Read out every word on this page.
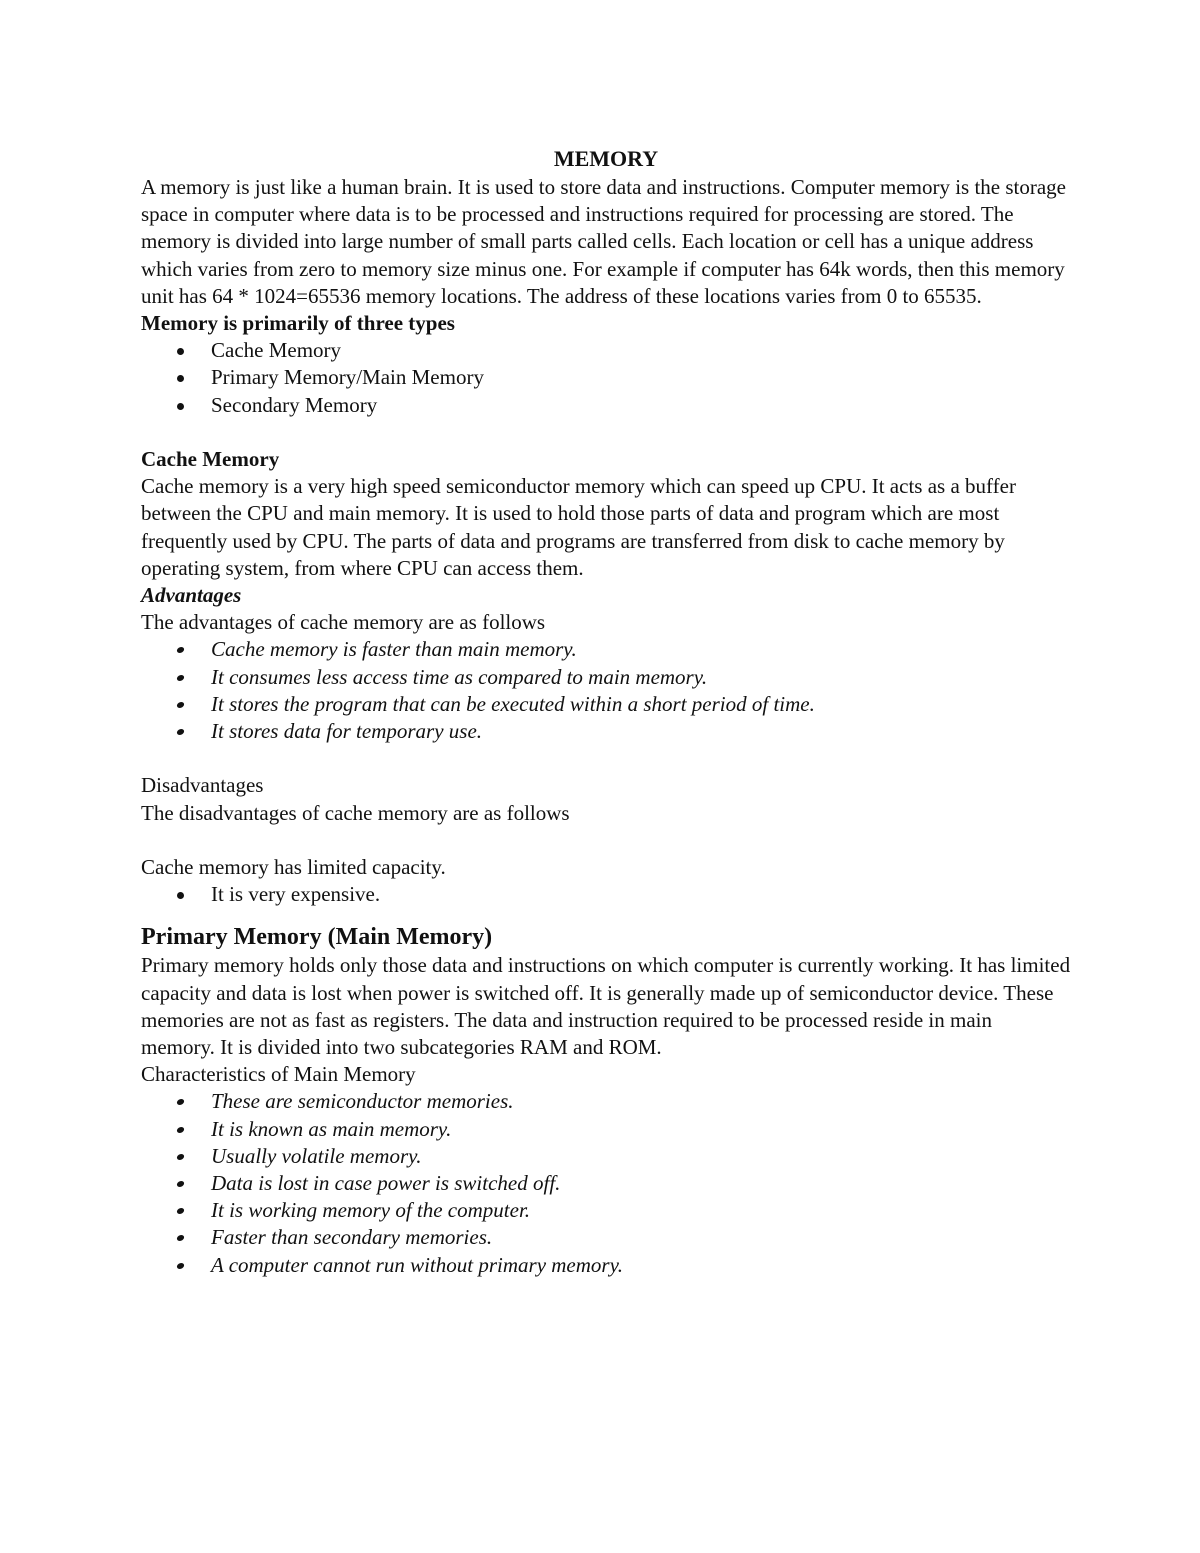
MEMORY

A memory is just like a human brain. It is used to store data and instructions. Computer memory is the storage space in computer where data is to be processed and instructions required for processing are stored. The memory is divided into large number of small parts called cells. Each location or cell has a unique address which varies from zero to memory size minus one. For example if computer has 64k words, then this memory unit has 64 * 1024=65536 memory locations. The address of these locations varies from 0 to 65535.

Memory is primarily of three types

Cache Memory
Primary Memory/Main Memory
Secondary Memory

Cache Memory

Cache memory is a very high speed semiconductor memory which can speed up CPU. It acts as a buffer between the CPU and main memory. It is used to hold those parts of data and program which are most frequently used by CPU. The parts of data and programs are transferred from disk to cache memory by operating system, from where CPU can access them.

Advantages

The advantages of cache memory are as follows

Cache memory is faster than main memory.
It consumes less access time as compared to main memory.
It stores the program that can be executed within a short period of time.
It stores data for temporary use.

Disadvantages

The disadvantages of cache memory are as follows

Cache memory has limited capacity.

It is very expensive.

Primary Memory (Main Memory)

Primary memory holds only those data and instructions on which computer is currently working. It has limited capacity and data is lost when power is switched off. It is generally made up of semiconductor device. These memories are not as fast as registers. The data and instruction required to be processed reside in main memory. It is divided into two subcategories RAM and ROM.

Characteristics of Main Memory

These are semiconductor memories.
It is known as main memory.
Usually volatile memory.
Data is lost in case power is switched off.
It is working memory of the computer.
Faster than secondary memories.
A computer cannot run without primary memory.
